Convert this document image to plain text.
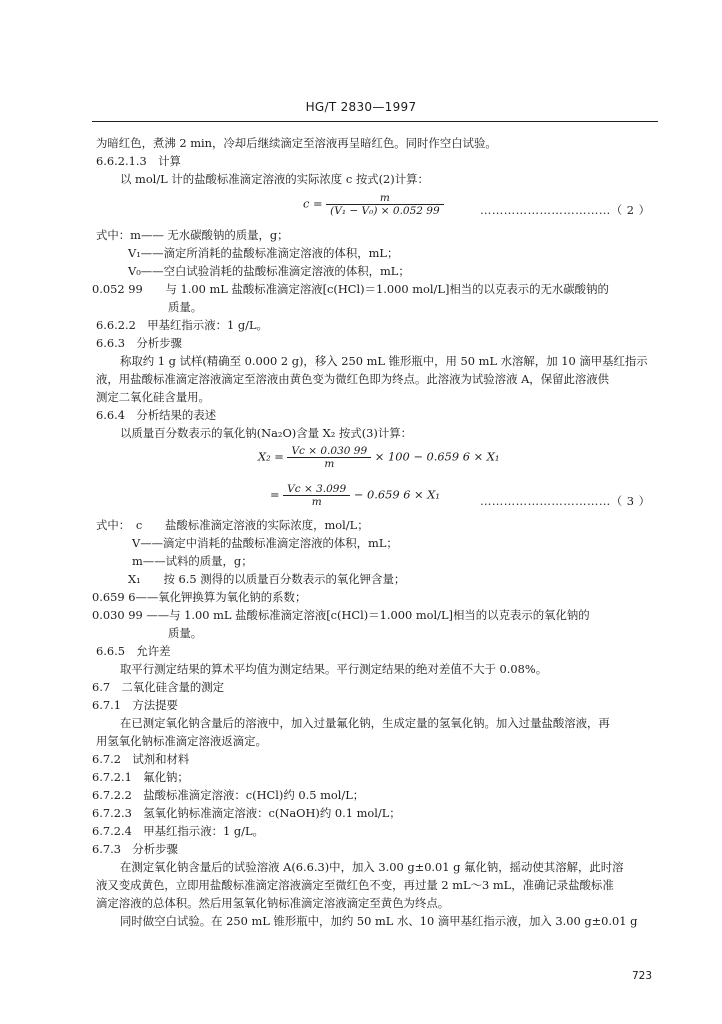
HG/T 2830—1997
为暗红色，煮沸 2 min，冷却后继续滴定至溶液再呈暗红色。同时作空白试验。
6.6.2.1.3　计算
以 mol/L 计的盐酸标准滴定溶液的实际浓度 c 按式(2)计算：
$c = \frac{m}{\text{(V₁ − V₀) × 0.052 99}}$	……………………………（ 2 ）
式中：m—— 无水碳酸钠的质量，g；
V₁——滴定所消耗的盐酸标准滴定溶液的体积，mL；
V₀——空白试验消耗的盐酸标准滴定溶液的体积，mL；
0.052 99　　与 1.00 mL 盐酸标准滴定溶液[c(HCl)＝1.000 mol/L]相当的以克表示的无水碳酸钠的
质量。
6.6.2.2　甲基红指示液：1 g/L。
6.6.3　分析步骤
称取约 1 g 试样(精确至 0.000 2 g)，移入 250 mL 锥形瓶中，用 50 mL 水溶解，加 10 滴甲基红指示
液，用盐酸标准滴定溶液滴定至溶液由黄色变为微红色即为终点。此溶液为试验溶液 A，保留此溶液供
测定二氧化硅含量用。
6.6.4　分析结果的表述
以质量百分数表示的氧化钠(Na₂O)含量 X₂ 按式(3)计算：
$X_2 = \frac{Vc \times 0.030 99}{m} \times 100 - 0.659$ 6 × X₁
= $\frac{Vc \times 3.099}{m} - 0.659$ 6 × X₁	……………………………（ 3 ）
式中：　c　　盐酸标准滴定溶液的实际浓度，mol/L；
V——滴定中消耗的盐酸标准滴定溶液的体积，mL；
m——试料的质量，g；
X₁　　按 6.5 测得的以质量百分数表示的氧化钾含量；
0.659 6——氧化钾换算为氧化钠的系数；
0.030 99 ——与 1.00 mL 盐酸标准滴定溶液[c(HCl)＝1.000 mol/L]相当的以克表示的氧化钠的
质量。
6.6.5　允许差
取平行测定结果的算术平均值为测定结果。平行测定结果的绝对差值不大于 0.08%。
6.7　二氧化硅含量的测定
6.7.1　方法提要
在已测定氧化钠含量后的溶液中，加入过量氟化钠，生成定量的氢氧化钠。加入过量盐酸溶液，再
用氢氧化钠标准滴定溶液返滴定。
6.7.2　试剂和材料
6.7.2.1　氟化钠；
6.7.2.2　盐酸标准滴定溶液：c(HCl)约 0.5 mol/L；
6.7.2.3　氢氧化钠标准滴定溶液：c(NaOH)约 0.1 mol/L；
6.7.2.4　甲基红指示液：1 g/L。
6.7.3　分析步骤
在测定氧化钠含量后的试验溶液 A(6.6.3)中，加入 3.00 g±0.01 g 氟化钠，摇动使其溶解，此时溶
液又变成黄色，立即用盐酸标准滴定溶液滴定至微红色不变，再过量 2 mL～3 mL，准确记录盐酸标准
滴定溶液的总体积。然后用氢氧化钠标准滴定溶液滴定至黄色为终点。
同时做空白试验。在 250 mL 锥形瓶中，加约 50 mL 水、10 滴甲基红指示液，加入 3.00 g±0.01 g
723
